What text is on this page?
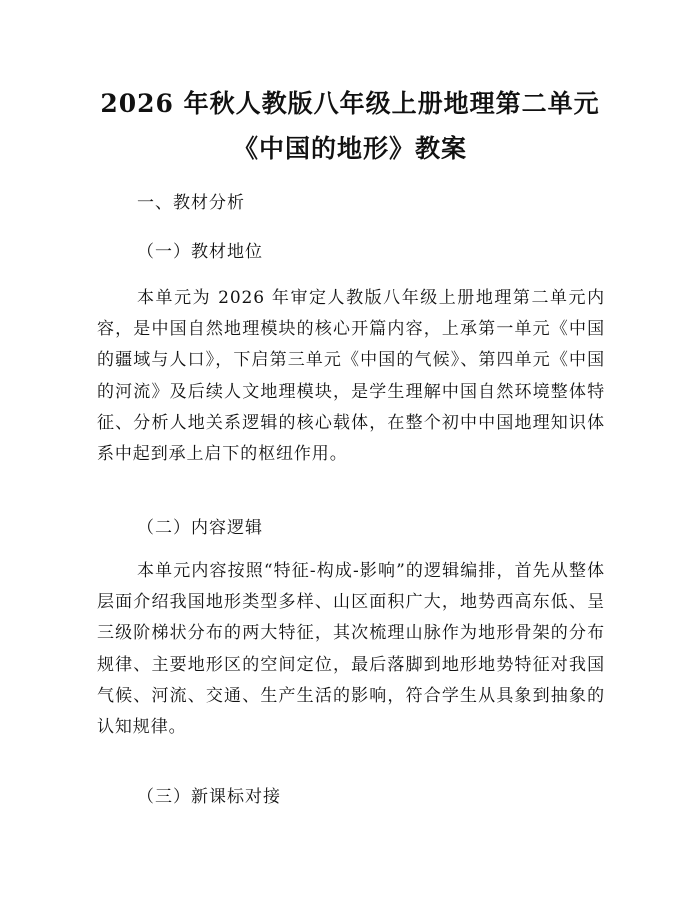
2026 年秋人教版八年级上册地理第二单元
《中国的地形》教案

一、教材分析

（一）教材地位

本单元为 2026 年审定人教版八年级上册地理第二单元内容，是中国自然地理模块的核心开篇内容，上承第一单元《中国的疆域与人口》，下启第三单元《中国的气候》、第四单元《中国的河流》及后续人文地理模块，是学生理解中国自然环境整体特征、分析人地关系逻辑的核心载体，在整个初中中国地理知识体系中起到承上启下的枢纽作用。

（二）内容逻辑

本单元内容按照“特征-构成-影响”的逻辑编排，首先从整体层面介绍我国地形类型多样、山区面积广大，地势西高东低、呈三级阶梯状分布的两大特征，其次梳理山脉作为地形骨架的分布规律、主要地形区的空间定位，最后落脚到地形地势特征对我国气候、河流、交通、生产生活的影响，符合学生从具象到抽象的认知规律。

（三）新课标对接
